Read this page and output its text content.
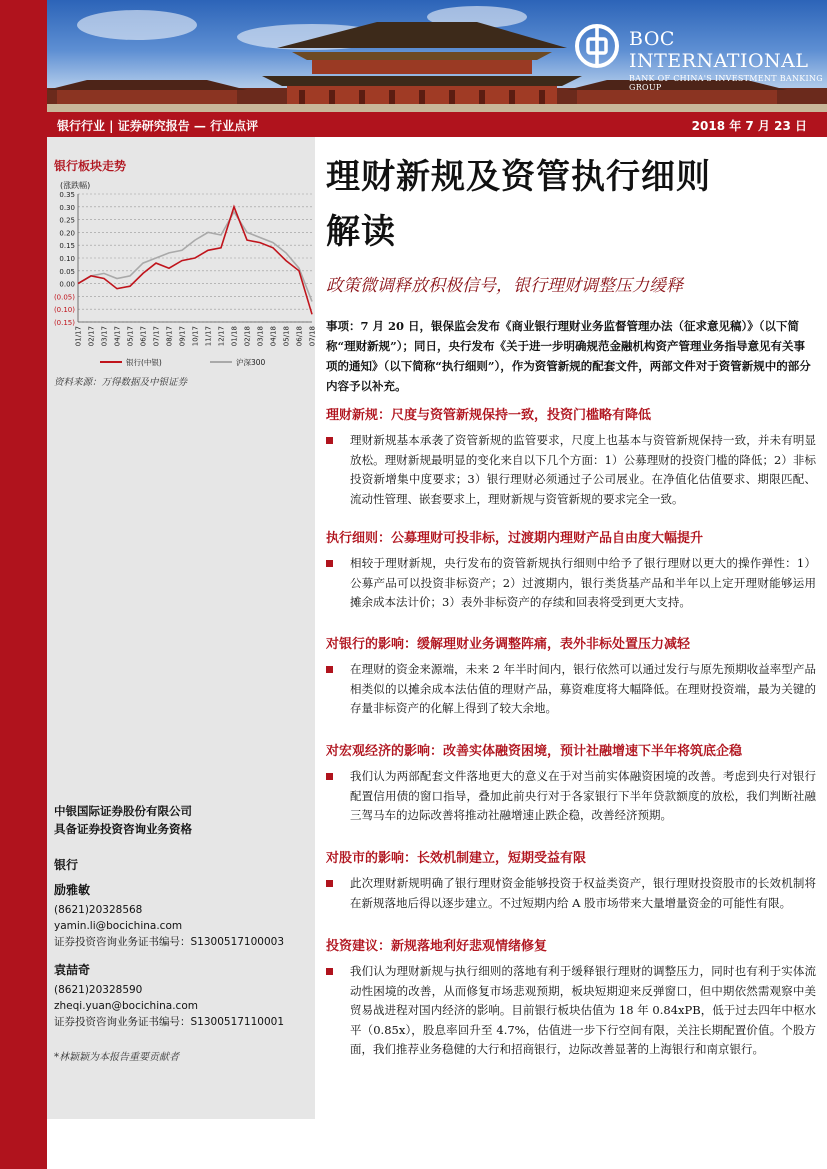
BOC INTERNATIONAL
BANK OF CHINA'S INVESTMENT BANKING GROUP
银行行业 | 证券研究报告 — 行业点评	2018 年 7 月 23 日
银行板块走势
(涨跌幅)
0.35
0.30
0.25
0.20
0.15
0.10
0.05
0.00
(0.05)
(0.10)
(0.15)
01/17 02/17 03/17 04/17 05/17 06/17 07/17 08/17 09/17 10/17 11/17 12/17 01/18 02/18 03/18 04/18 05/18 06/18 07/18
银行(中银)	沪深300
资料来源：万得数据及中银证券
理财新规及资管执行细则
解读
政策微调释放积极信号，银行理财调整压力缓释
事项：7 月 20 日，银保监会发布《商业银行理财业务监督管理办法（征求意见稿）》（以下简称“理财新规”）；同日，央行发布《关于进一步明确规范金融机构资产管理业务指导意见有关事项的通知》（以下简称“执行细则”），作为资管新规的配套文件，两部文件对于资管新规中的部分内容予以补充。
理财新规：尺度与资管新规保持一致，投资门槛略有降低
理财新规基本承袭了资管新规的监管要求，尺度上也基本与资管新规保持一致，并未有明显放松。理财新规最明显的变化来自以下几个方面：1）公募理财的投资门槛的降低；2）非标投资新增集中度要求；3）银行理财必须通过子公司展业。在净值化估值要求、期限匹配、流动性管理、嵌套要求上，理财新规与资管新规的要求完全一致。
执行细则：公募理财可投非标，过渡期内理财产品自由度大幅提升
相较于理财新规，央行发布的资管新规执行细则中给予了银行理财以更大的操作弹性：1）公募产品可以投资非标资产；2）过渡期内，银行类货基产品和半年以上定开理财能够运用摊余成本法计价；3）表外非标资产的存续和回表将受到更大支持。
对银行的影响：缓解理财业务调整阵痛，表外非标处置压力减轻
在理财的资金来源端，未来 2 年半时间内，银行依然可以通过发行与原先预期收益率型产品相类似的以摊余成本法估值的理财产品，募资难度将大幅降低。在理财投资端，最为关键的存量非标资产的化解上得到了较大余地。
对宏观经济的影响：改善实体融资困境，预计社融增速下半年将筑底企稳
我们认为两部配套文件落地更大的意义在于对当前实体融资困境的改善。考虑到央行对银行配置信用债的窗口指导，叠加此前央行对于各家银行下半年贷款额度的放松，我们判断社融三驾马车的边际改善将推动社融增速止跌企稳，改善经济预期。
对股市的影响：长效机制建立，短期受益有限
此次理财新规明确了银行理财资金能够投资于权益类资产，银行理财投资股市的长效机制将在新规落地后得以逐步建立。不过短期内给 A 股市场带来大量增量资金的可能性有限。
投资建议：新规落地利好悲观情绪修复
我们认为理财新规与执行细则的落地有利于缓释银行理财的调整压力，同时也有利于实体流动性困境的改善，从而修复市场悲观预期，板块短期迎来反弹窗口，但中期依然需观察中美贸易战进程对国内经济的影响。目前银行板块估值为 18 年 0.84xPB，低于过去四年中枢水平（0.85x），股息率回升至 4.7%，估值进一步下行空间有限，关注长期配置价值。个股方面，我们推荐业务稳健的大行和招商银行，边际改善显著的上海银行和南京银行。
中银国际证券股份有限公司
具备证券投资咨询业务资格
银行
励雅敏
(8621)20328568
yamin.li@bocichina.com
证券投资咨询业务证书编号：S1300517100003
袁喆奇
(8621)20328590
zheqi.yuan@bocichina.com
证券投资咨询业务证书编号：S1300517110001
*林颖颖为本报告重要贡献者
